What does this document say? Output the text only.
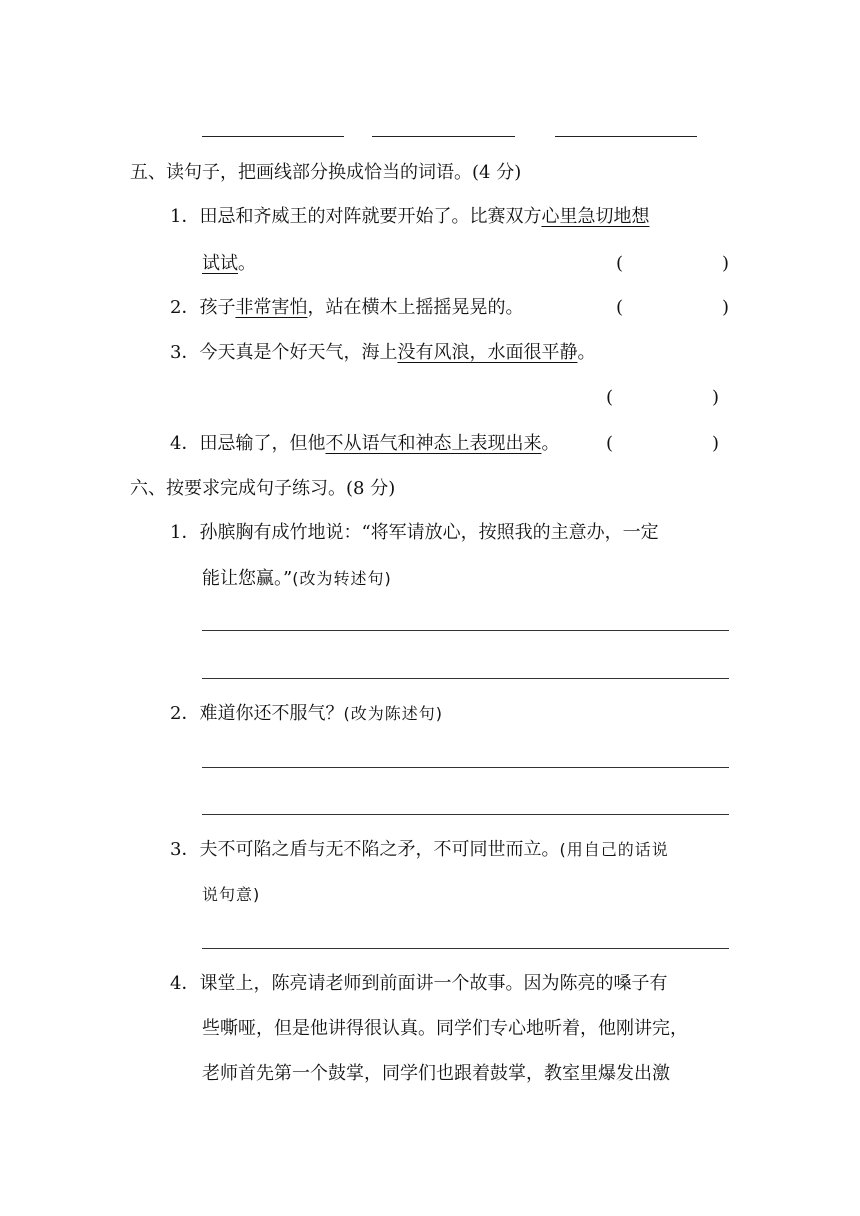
五、读句子，把画线部分换成恰当的词语。(4 分)
1．田忌和齐威王的对阵就要开始了。比赛双方心里急切地想
试试。	(	)
2．孩子非常害怕，站在横木上摇摇晃晃的。	(	)
3．今天真是个好天气，海上没有风浪，水面很平静。
(	)
4．田忌输了，但他不从语气和神态上表现出来。	(	)
六、按要求完成句子练习。(8 分)
1．孙膑胸有成竹地说：“将军请放心，按照我的主意办，一定
能让您赢。”(改为转述句)
2．难道你还不服气？(改为陈述句)
3．夫不可陷之盾与无不陷之矛，不可同世而立。(用自己的话说
说句意)
4．课堂上，陈亮请老师到前面讲一个故事。因为陈亮的嗓子有
些嘶哑，但是他讲得很认真。同学们专心地听着，他刚讲完，
老师首先第一个鼓掌，同学们也跟着鼓掌，教室里爆发出激
